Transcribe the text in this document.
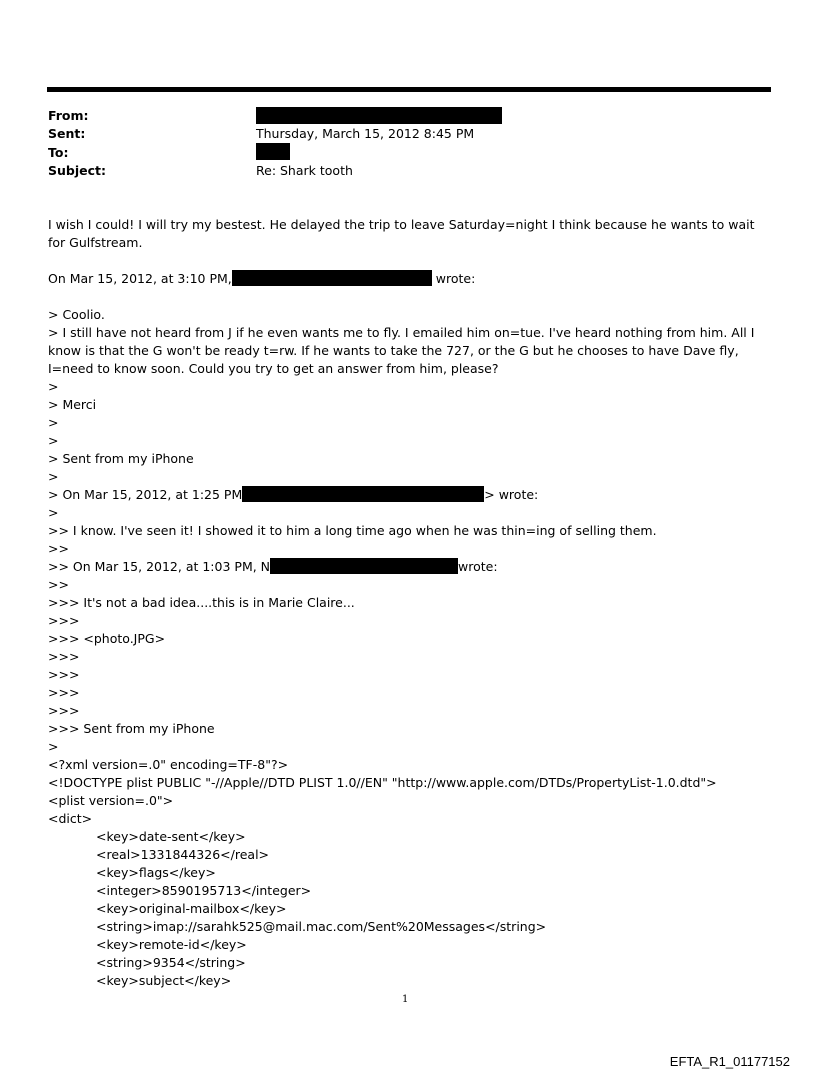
From:
Sent:	Thursday, March 15, 2012 8:45 PM
To:
Subject:	Re: Shark tooth
I wish I could! I will try my bestest. He delayed the trip to leave Saturday=night I think because he wants to wait for Gulfstream.
On Mar 15, 2012, at 3:10 PM,	wrote:
> Coolio.
> I still have not heard from J if he even wants me to fly. I emailed him on=tue. I've heard nothing from him. All I know is that the G won't be ready t=rw. If he wants to take the 727, or the G but he chooses to have Dave fly, I=need to know soon. Could you try to get an answer from him, please?
>
> Merci
>
>
> Sent from my iPhone
>
> On Mar 15, 2012, at 1:25 PM	> wrote:
>
>> I know. I've seen it! I showed it to him a long time ago when he was thin=ing of selling them.
>>
>> On Mar 15, 2012, at 1:03 PM, N	wrote:
>>
>>> It's not a bad idea....this is in Marie Claire...
>>>
>>> <photo.JPG>
>>>
>>>
>>>
>>>
>>> Sent from my iPhone
>
<?xml version=.0" encoding=TF-8"?>
<!DOCTYPE plist PUBLIC "-//Apple//DTD PLIST 1.0//EN" "http://www.apple.com/DTDs/PropertyList-1.0.dtd">
<plist version=.0">
<dict>
<key>date-sent</key>
<real>1331844326</real>
<key>flags</key>
<integer>8590195713</integer>
<key>original-mailbox</key>
<string>imap://sarahk525@mail.mac.com/Sent%20Messages</string>
<key>remote-id</key>
<string>9354</string>
<key>subject</key>
1
EFTA_R1_01177152
